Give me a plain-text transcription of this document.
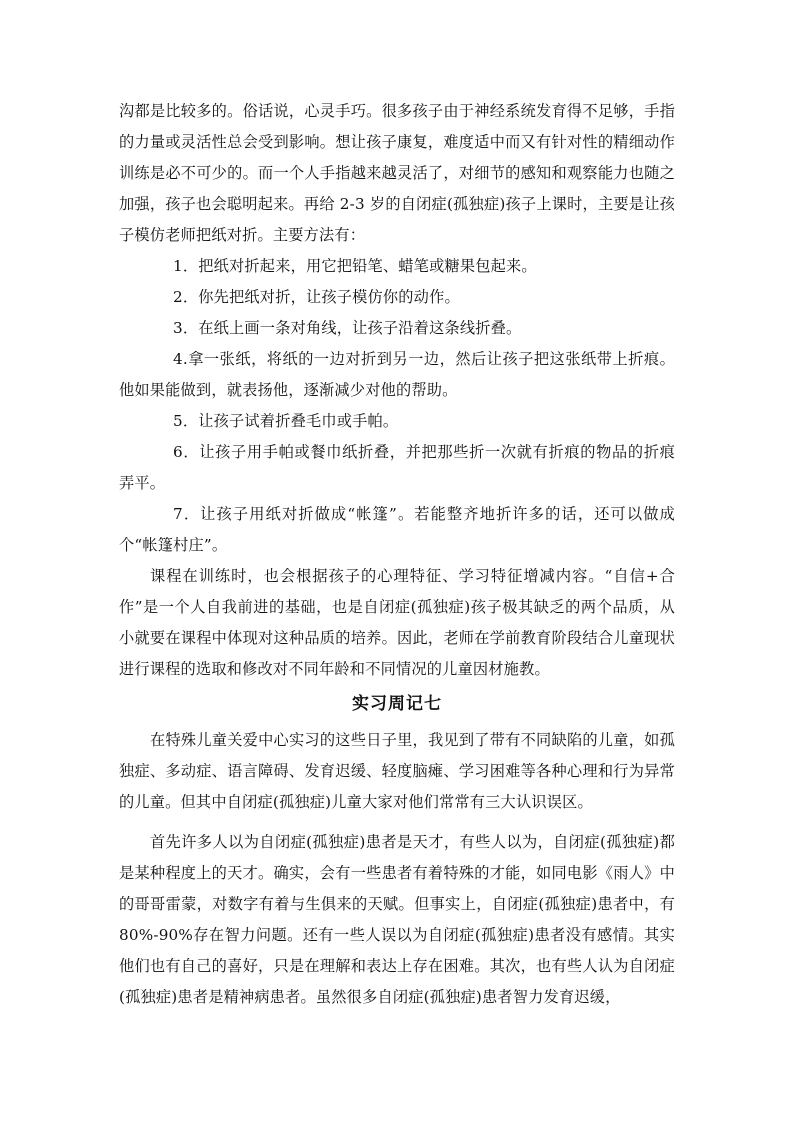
沟都是比较多的。俗话说，心灵手巧。很多孩子由于神经系统发育得不足够，手指的力量或灵活性总会受到影响。想让孩子康复，难度适中而又有针对性的精细动作训练是必不可少的。而一个人手指越来越灵活了，对细节的感知和观察能力也随之加强，孩子也会聪明起来。再给 2-3 岁的自闭症(孤独症)孩子上课时，主要是让孩子模仿老师把纸对折。主要方法有：

1．把纸对折起来，用它把铅笔、蜡笔或糖果包起来。

2．你先把纸对折，让孩子模仿你的动作。

3．在纸上画一条对角线，让孩子沿着这条线折叠。

4.拿一张纸，将纸的一边对折到另一边，然后让孩子把这张纸带上折痕。他如果能做到，就表扬他，逐渐减少对他的帮助。

5．让孩子试着折叠毛巾或手帕。

6．让孩子用手帕或餐巾纸折叠，并把那些折一次就有折痕的物品的折痕弄平。

7．让孩子用纸对折做成“帐篷”。若能整齐地折许多的话，还可以做成个“帐篷村庄”。

课程在训练时，也会根据孩子的心理特征、学习特征增减内容。“自信+合作”是一个人自我前进的基础，也是自闭症(孤独症)孩子极其缺乏的两个品质，从小就要在课程中体现对这种品质的培养。因此，老师在学前教育阶段结合儿童现状进行课程的选取和修改对不同年龄和不同情况的儿童因材施教。

实习周记七

在特殊儿童关爱中心实习的这些日子里，我见到了带有不同缺陷的儿童，如孤独症、多动症、语言障碍、发育迟缓、轻度脑瘫、学习困难等各种心理和行为异常的儿童。但其中自闭症(孤独症)儿童大家对他们常常有三大认识误区。

首先许多人以为自闭症(孤独症)患者是天才，有些人以为，自闭症(孤独症)都是某种程度上的天才。确实，会有一些患者有着特殊的才能，如同电影《雨人》中的哥哥雷蒙，对数字有着与生俱来的天赋。但事实上，自闭症(孤独症)患者中，有 80%-90%存在智力问题。还有一些人误以为自闭症(孤独症)患者没有感情。其实他们也有自己的喜好，只是在理解和表达上存在困难。其次，也有些人认为自闭症(孤独症)患者是精神病患者。虽然很多自闭症(孤独症)患者智力发育迟缓，
